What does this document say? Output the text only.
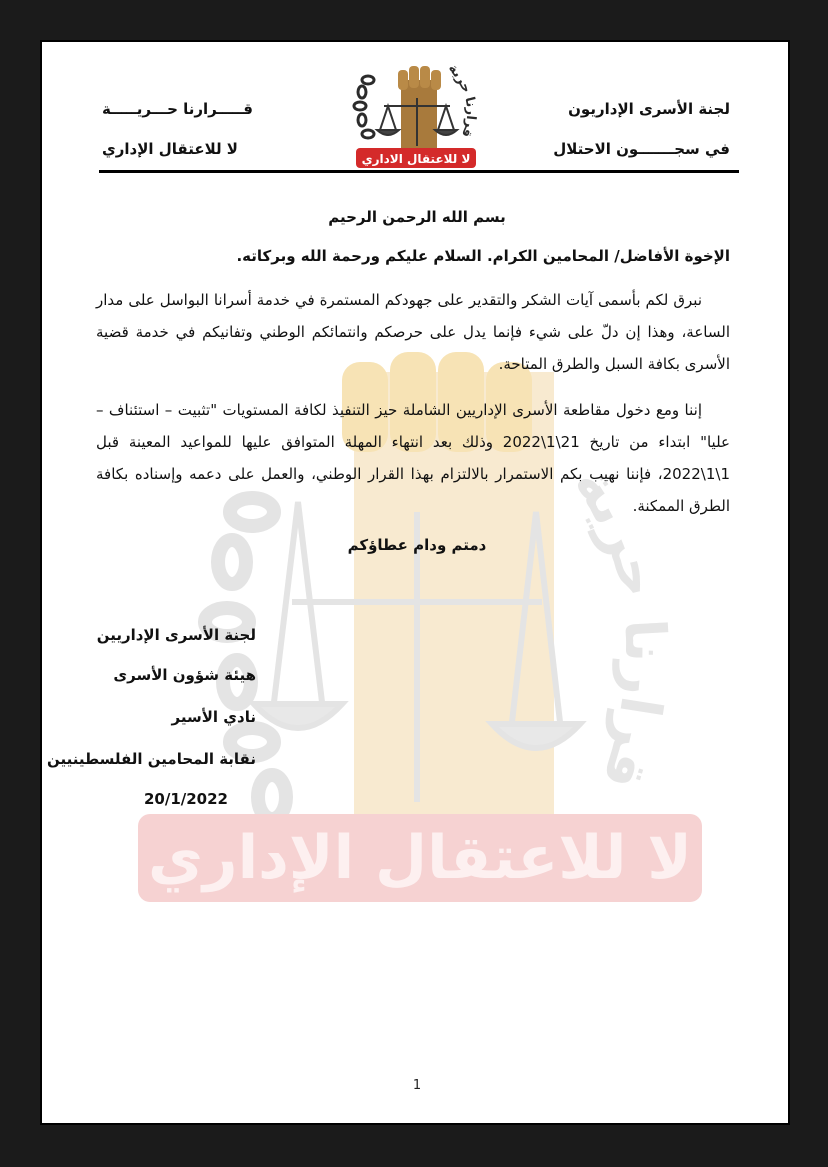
قرارنا حرية
لا للاعتقال الإداري
لجنة الأسرى الإداريون
في سجـــــــون الاحتلال
قـــــرارنا حـــريـــــة
لا للاعتقال الإداري
قرارنا حرية
لا للاعتقال الاداري
بسم الله الرحمن الرحيم
الإخوة الأفاضل/ المحامين الكرام. السلام عليكم ورحمة الله وبركاته.
نبرق لكم بأسمى آيات الشكر والتقدير على جهودكم المستمرة في خدمة أسرانا البواسل على مدار الساعة، وهذا إن دلّ على شيء فإنما يدل على حرصكم وانتمائكم الوطني وتفانيكم في خدمة قضية الأسرى بكافة السبل والطرق المتاحة.
إننا ومع دخول مقاطعة الأسرى الإداريين الشاملة حيز التنفيذ لكافة المستويات "تثبيت – استئناف – عليا" ابتداء من تاريخ 21\1\2022 وذلك بعد انتهاء المهلة المتوافق عليها للمواعيد المعينة قبل 1\1\2022، فإننا نهيب بكم الاستمرار بالالتزام بهذا القرار الوطني، والعمل على دعمه وإسناده بكافة الطرق الممكنة.
دمتم ودام عطاؤكم
لجنة الأسرى الإداريين
هيئة شؤون الأسرى
نادي الأسير
نقابة المحامين الفلسطينيين
20/1/2022
1
